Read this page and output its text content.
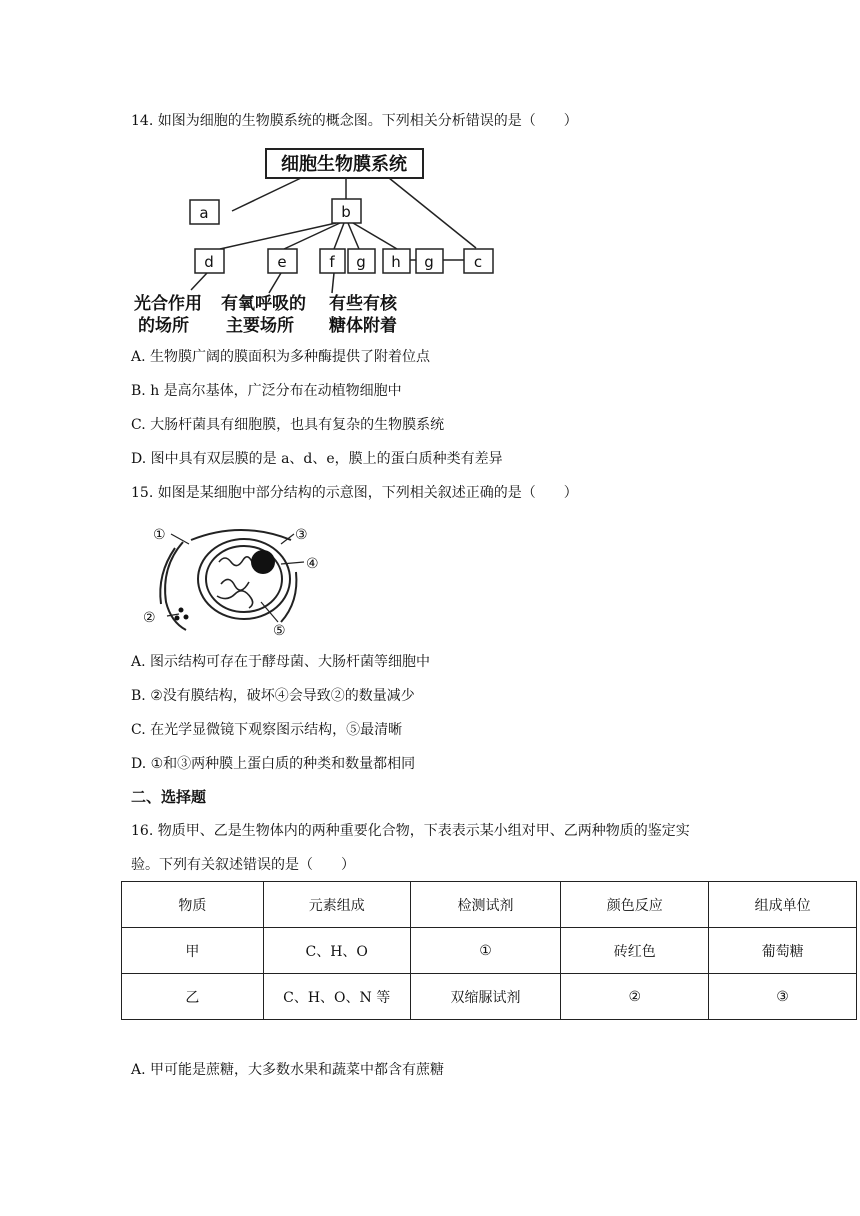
14. 如图为细胞的生物膜系统的概念图。下列相关分析错误的是（　　）
细胞生物膜系统
a	b
c
d	e	f g h g
光合作用
的场所
有氧呼吸的
主要场所
有些有核
糖体附着
A. 生物膜广阔的膜面积为多种酶提供了附着位点
B. h 是高尔基体，广泛分布在动植物细胞中
C. 大肠杆菌具有细胞膜，也具有复杂的生物膜系统
D. 图中具有双层膜的是 a、d、e，膜上的蛋白质种类有差异
15. 如图是某细胞中部分结构的示意图，下列相关叙述正确的是（　　）
①
②
③
④
⑤
A. 图示结构可存在于酵母菌、大肠杆菌等细胞中
B. ②没有膜结构，破坏④会导致②的数量减少
C. 在光学显微镜下观察图示结构，⑤最清晰
D. ①和③两种膜上蛋白质的种类和数量都相同
二、选择题
16. 物质甲、乙是生物体内的两种重要化合物，下表表示某小组对甲、乙两种物质的鉴定实
验。下列有关叙述错误的是（　　）
物质	元素组成	检测试剂	颜色反应	组成单位
甲	C、H、O	①	砖红色	葡萄糖
乙	C、H、O、N 等	双缩脲试剂	②	③
A. 甲可能是蔗糖，大多数水果和蔬菜中都含有蔗糖
